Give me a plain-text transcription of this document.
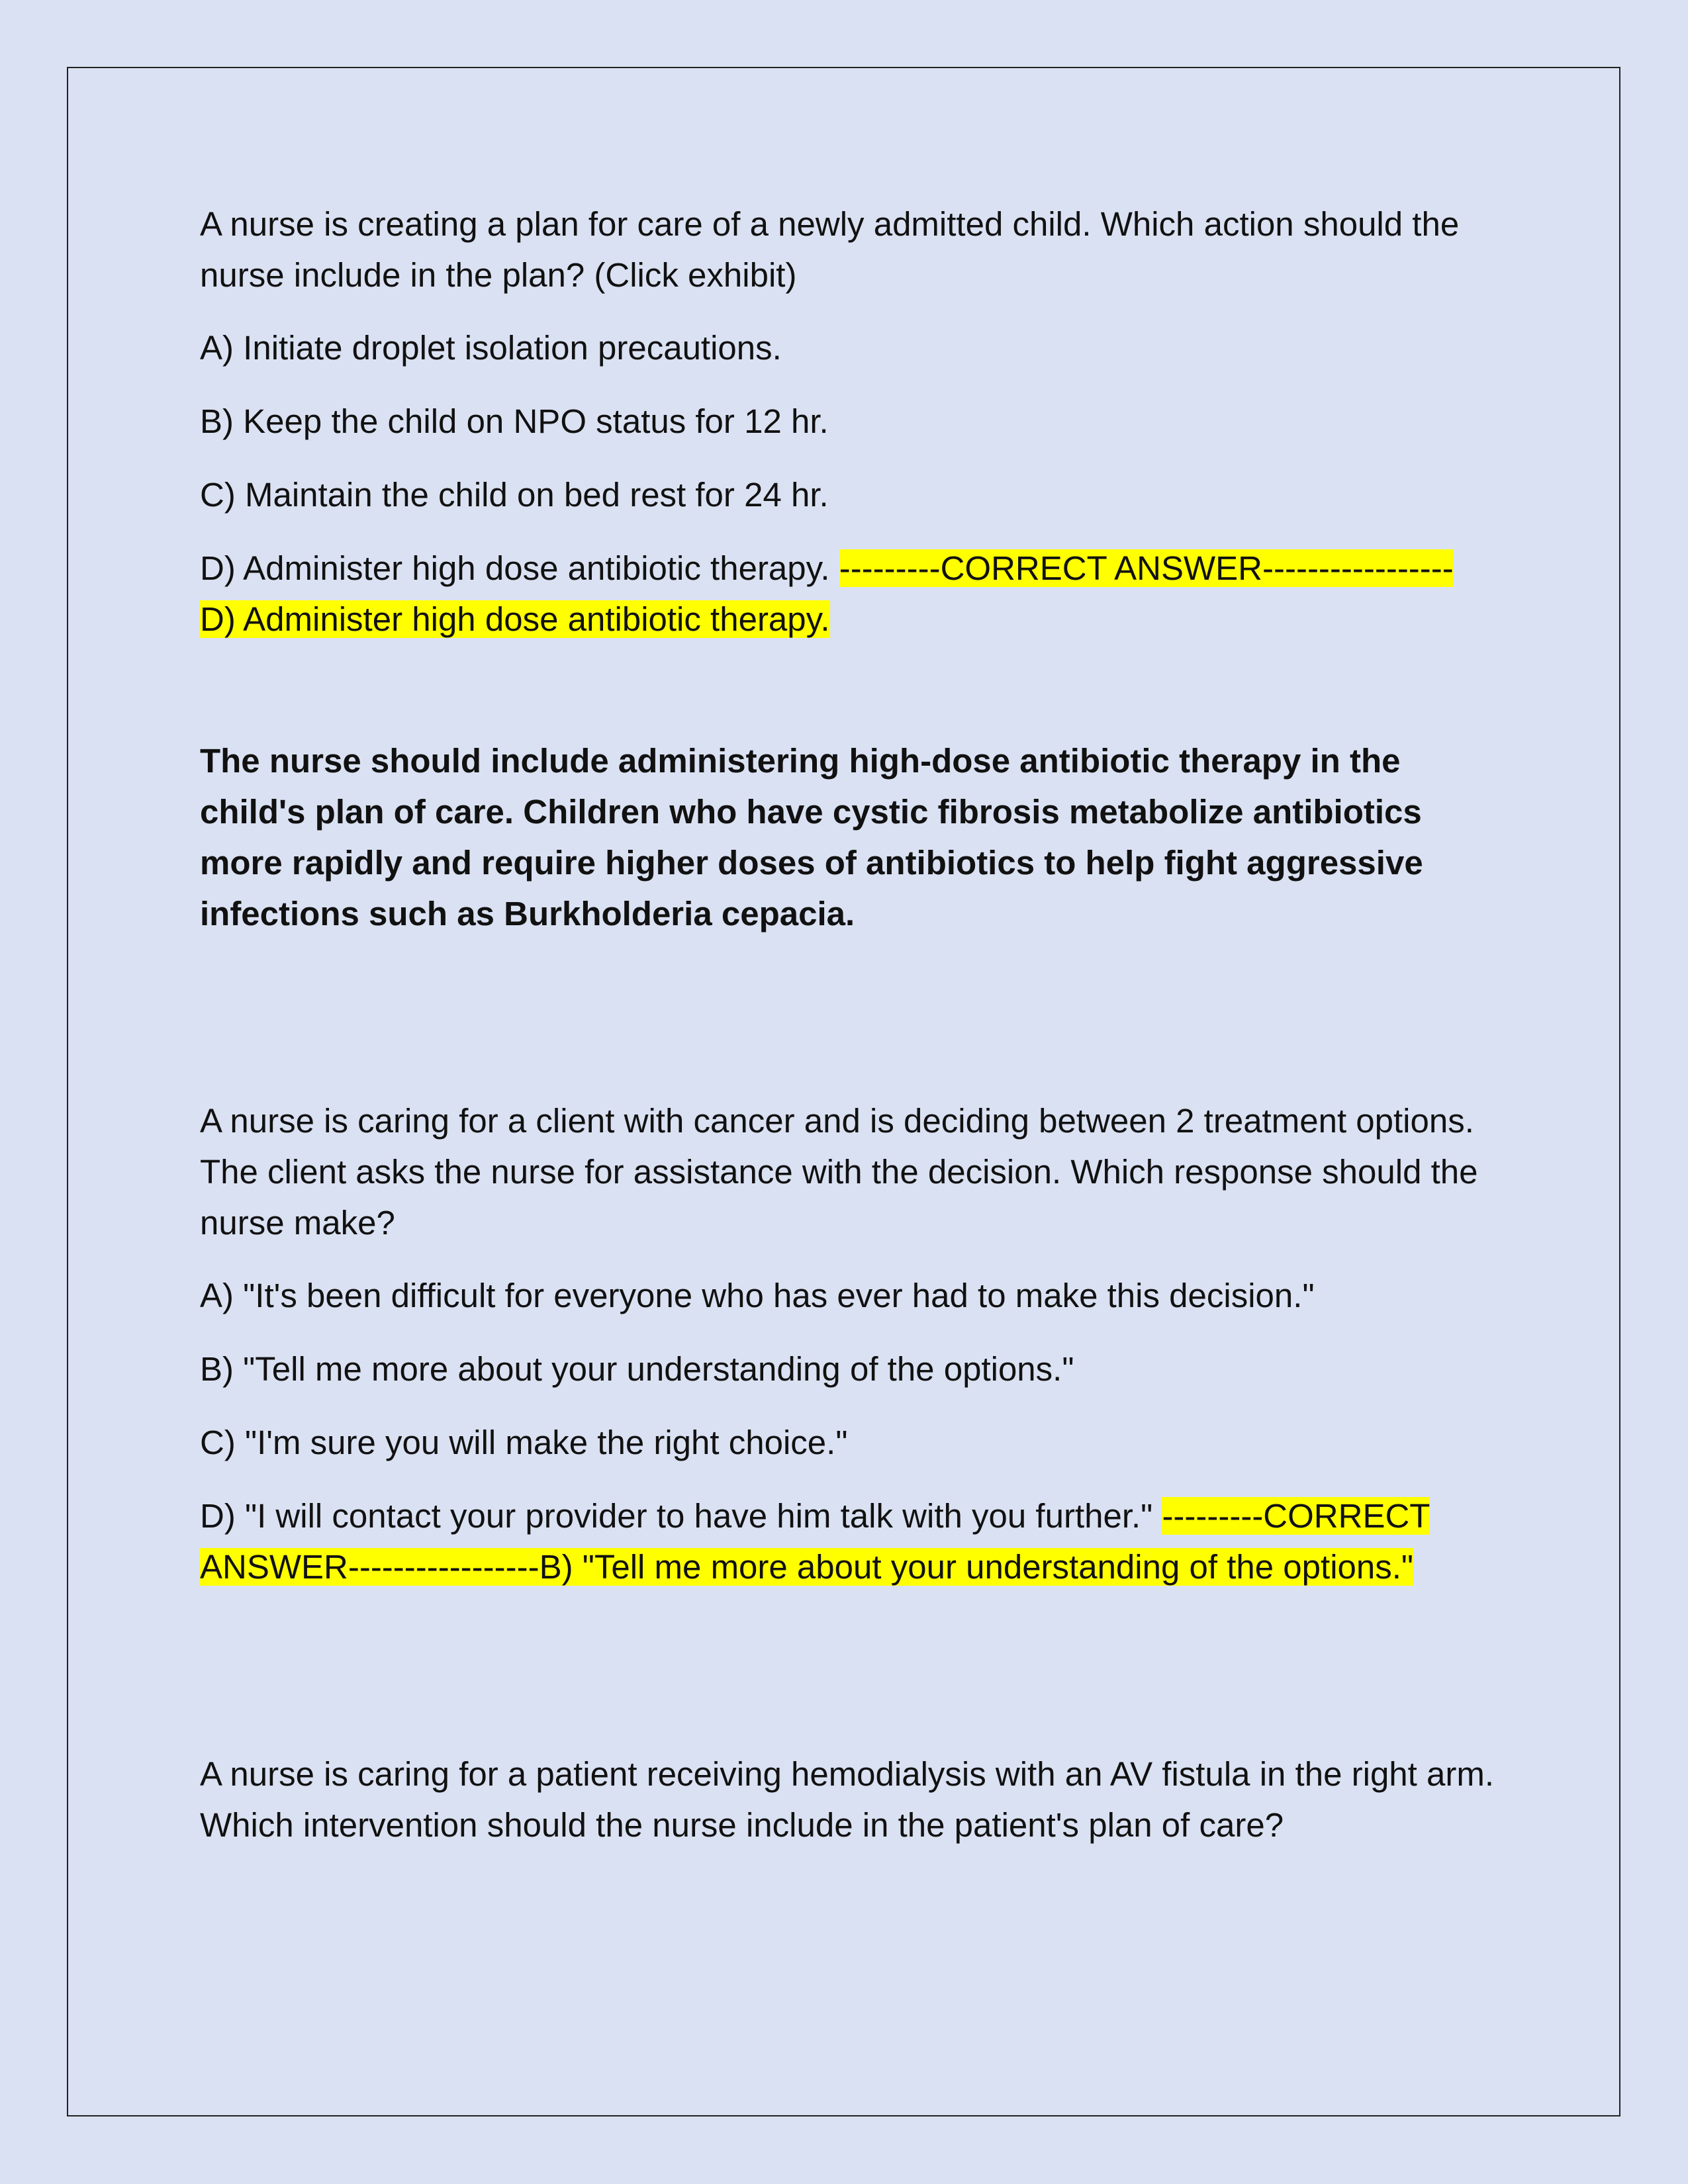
A nurse is creating a plan for care of a newly admitted child. Which action should the nurse include in the plan? (Click exhibit)

A) Initiate droplet isolation precautions.

B) Keep the child on NPO status for 12 hr.

C) Maintain the child on bed rest for 24 hr.

D) Administer high dose antibiotic therapy. ---------CORRECT ANSWER----------------- D) Administer high dose antibiotic therapy.

The nurse should include administering high-dose antibiotic therapy in the child's plan of care. Children who have cystic fibrosis metabolize antibiotics more rapidly and require higher doses of antibiotics to help fight aggressive infections such as Burkholderia cepacia.

A nurse is caring for a client with cancer and is deciding between 2 treatment options. The client asks the nurse for assistance with the decision. Which response should the nurse make?

A) "It's been difficult for everyone who has ever had to make this decision."

B) "Tell me more about your understanding of the options."

C) "I'm sure you will make the right choice."

D) "I will contact your provider to have him talk with you further." ---------CORRECT ANSWER-----------------B) "Tell me more about your understanding of the options."

A nurse is caring for a patient receiving hemodialysis with an AV fistula in the right arm. Which intervention should the nurse include in the patient's plan of care?
